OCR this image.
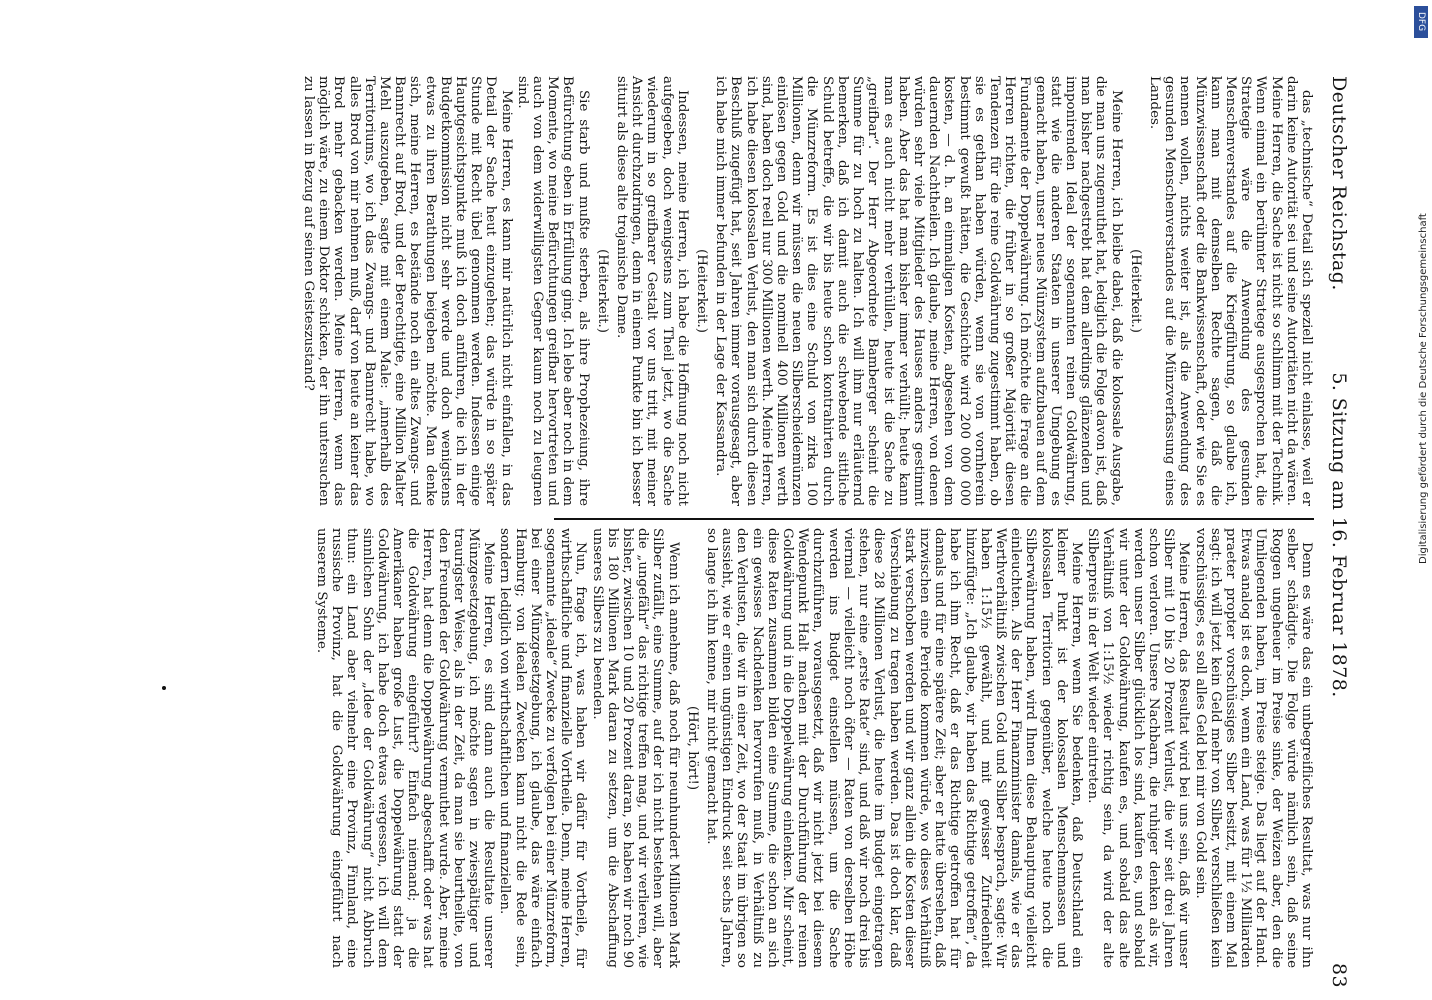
Deutscher Reichstag.
5. Sitzung am 16. Februar 1878.
83

das „technische“ Detail sich speziell nicht einlasse, weil er darin keine Autorität sei und seine Autoritäten nicht da wären. Meine Herren, die Sache ist nicht so schlimm mit der Technik. Wenn einmal ein berühmter Stratege ausgesprochen hat, die Strategie wäre die Anwendung des gesunden Menschenverstandes auf die Kriegführung, so glaube ich, kann man mit demselben Rechte sagen, daß die Münzwissenschaft oder die Bankwissenschaft, oder wie Sie es nennen wollen, nichts weiter ist, als die Anwendung des gesunden Menschenverstandes auf die Münzverfassung eines Landes.

(Heiterkeit.)

Meine Herren, ich bleibe dabei, daß die kolossale Ausgabe, die man uns zugemuthet hat, lediglich die Folge davon ist, daß man bisher nachgestrebt hat dem allerdings glänzenden und imponirenden Ideal der sogenannten reinen Goldwährung, statt wie die anderen Staaten in unserer Umgebung es gemacht haben, unser neues Münzsystem aufzubauen auf dem Fundamente der Doppelwährung. Ich möchte die Frage an die Herren richten, die früher in so großer Majorität diesen Tendenzen für die reine Goldwährung zugestimmt haben, ob sie es gethan haben würden, wenn sie von vornherein bestimmt gewußt hätten, die Geschichte wird 200 000 000 kosten, — d. h. an einmaligen Kosten, abgesehen von dem dauernden Nachtheilen. Ich glaube, meine Herren, von denen würden sehr viele Mitglieder des Hauses anders gestimmt haben. Aber das hat man bisher immer verhüllt; heute kann man es auch nicht mehr verhüllen, heute ist die Sache zu „greifbar“. Der Herr Abgeordnete Bamberger scheint die Summe für zu hoch zu halten. Ich will ihm nur erläuternd bemerken, daß ich damit auch die schwebende sittliche Schuld betreffe, die wir bis heute schon kontrahirten durch die Münzreform. Es ist dies eine Schuld von zirka 100 Millionen, denn wir müssen die neuen Silberscheidemünzen einlösen gegen Gold und die nominell 400 Millionen werth sind, haben doch reell nur 300 Millionen werth. Meine Herren, ich habe diesen kolossalen Verlust, den man sich durch diesen Beschluß zugefügt hat, seit Jahren immer vorausgesagt, aber ich habe mich immer befunden in der Lage der Kassandra.

(Heiterkeit.)

Indessen, meine Herren, ich habe die Hoffnung noch nicht aufgegeben, doch wenigstens zum Theil jetzt, wo die Sache wiederum in so greifbarer Gestalt vor uns tritt, mit meiner Ansicht durchzudringen, denn in einem Punkte bin ich besser situirt als diese alte trojanische Dame.

(Heiterkeit.)

Sie starb und mußte sterben, als ihre Prophezeiung, ihre Befürchtung eben in Erfüllung ging. Ich lebe aber noch in dem Momente, wo meine Befürchtungen greifbar hervortreten und auch von dem widerwilligsten Gegner kaum noch zu leugnen sind.

Meine Herren, es kann mir natürlich nicht einfallen, in das Detail der Sache heut einzugehen; das würde in so später Stunde mit Recht übel genommen werden. Indessen einige Hauptgesichtspunkte muß ich doch anführen, die ich in der Budgetkommission nicht sehr werde und doch wenigstens etwas zu ihren Berathungen beigeben möchte. Man denke sich, meine Herren, es bestände noch ein altes Zwangs- und Bannrecht auf Brod, und der Berechtigte, eine Million Malter Mehl auszugeben, sagte mit einem Male: „innerhalb des Territoriums, wo ich das Zwangs- und Bannrecht habe, wo alles Brod von mir nehmen muß, darf von heute an keiner das Brod mehr gebacken werden. Meine Herren, wenn das möglich wäre, zu einem Doktor schicken, der ihn untersuchen zu lassen in Bezug auf seinen Geisteszustand?

Denn es wäre das ein unbegreifliches Resultat, was nur ihn selber schädigte. Die Folge würde nämlich sein, daß seine Roggen ungeheuer im Preise sinke, der Weizen aber, den die Umliegenden haben, im Preise steige. Das liegt auf der Hand. Etwas analog ist es doch, wenn ein Land, was für 1½ Milliarden praeter propter vorschüssiges Silber besitzt, mit einem Mal sagt: ich will jetzt kein Geld mehr von Silber, verschließen kein vorschüssiges, es soll alles Geld bei mir von Gold sein.

Meine Herren, das Resultat wird bei uns sein, daß wir unser Silber mit 10 bis 20 Prozent Verlust, die wir seit drei Jahren schon verloren. Unsere Nachbarn, die ruhiger denken als wir, werden unser Silber glücklich los sind, kaufen es, und sobald wir unter der Goldwährung, kaufen es, und sobald das alte Verhältniß von 1:15½ wieder richtig sein, da wird der alte Silberpreis in der Welt wieder eintreten.

Meine Herren, wenn Sie bedenken, daß Deutschland ein kleiner Punkt ist der kolossalen Menschenmassen und kolossalen Territorien gegenüber, welche heute noch die Silberwährung haben, wird Ihnen diese Behauptung vielleicht einleuchten. Als der Herr Finanzminister damals, wie er das Werthverhältniß zwischen Gold und Silber besprach, sagte: Wir haben 1:15½ gewählt, und mit gewisser Zufriedenheit hinzufügte: „Ich glaube, wir haben das Richtige getroffen“, da habe ich ihm Recht, daß er das Richtige getroffen hat für damals und für eine spätere Zeit; aber er hatte übersehen, daß inzwischen eine Periode kommen würde, wo dieses Verhältniß stark verschoben werden und wir ganz allein die Kosten dieser Verschiebung zu tragen haben werden. Das ist doch klar, daß diese 28 Millionen Verlust, die heute im Budget eingetragen stehen, nur eine „erste Rate“ sind, und daß wir noch drei bis viermal — vielleicht noch öfter — Raten von derselben Höhe werden ins Budget einstellen müssen, um die Sache durchzuführen, vorausgesetzt, daß wir nicht jetzt bei diesem Wendepunkt Halt machen mit der Durchführung der reinen Goldwährung und in die Doppelwährung einlenken. Mir scheint, diese Raten zusammen bilden eine Summe, die schon an sich ein gewisses Nachdenken hervorrufen muß, in Verhältniß zu den Verlusten, die wir in einer Zeit, wo der Staat im übrigen so aussieht, wie er einen ungünstigen Eindruck seit sechs Jahren, so lange ich ihn kenne, mir nicht gemacht hat.

(Hört, hört!)

Wenn ich annehme, daß noch für neunhundert Millionen Mark Silber zufällt, eine Summe, auf der ich nicht bestehen will, aber die „ungefähr“ das richtige treffen mag, und wir verlieren, wie bisher, zwischen 10 und 20 Prozent daran, so haben wir noch 90 bis 180 Millionen Mark daran zu setzen, um die Abschaffung unseres Silbers zu beenden.

Nun, frage ich, was haben wir dafür für Vortheile, für wirthschaftliche und finanzielle Vortheile. Denn, meine Herren, sogenannte „ideale“ Zwecke zu verfolgen bei einer Münzreform, bei einer Münzgesetzgebung, ich glaube, das wäre einfach Hamburg; von idealen Zwecken kann nicht die Rede sein, sondern lediglich von wirthschaftlichen und finanziellen.

Meine Herren, es sind dann auch die Resultate unserer Münzgesetzgebung, ich möchte sagen in zwiespältiger und traurigster Weise, als in der Zeit, da man sie beurtheilte, von den Freunden der Goldwährung vermuthet wurde. Aber, meine Herren, hat denn die Doppelwährung abgeschafft oder was hat die Goldwährung eingeführt? Einfach niemand; ja die Amerikaner haben große Lust, die Doppelwährung statt der Goldwährung, ich habe doch etwas vergessen, ich will dem sinnlichen Sohn der „Idee der Goldwährung“ nicht Abbruch thun: ein Land aber vielmehr eine Provinz, Finnland, eine russische Provinz, hat die Goldwährung eingeführt nach unserem Systeme.

DFG
Digitalisierung gefördert durch die Deutsche Forschungsgemeinschaft
